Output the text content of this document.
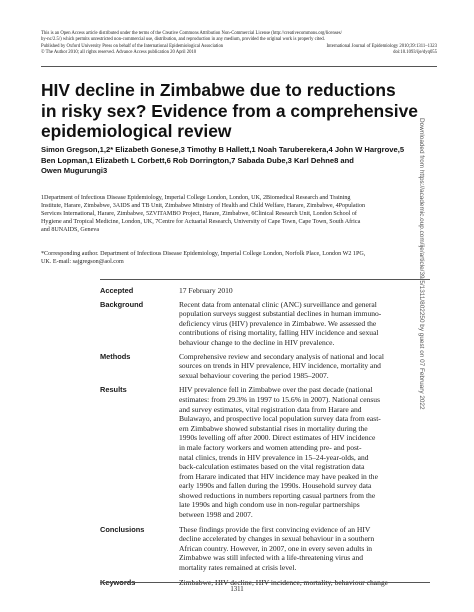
This is an Open Access article distributed under the terms of the Creative Commons Attribution Non-Commercial License (http://creativecommons.org/licenses/
by-nc/2.5/) which permits unrestricted non-commercial use, distribution, and reproduction in any medium, provided the original work is properly cited.
Published by Oxford University Press on behalf of the International Epidemiological Association	International Journal of Epidemiology 2010;39:1311–1323
© The Author 2010; all rights reserved. Advance Access publication 20 April 2010	doi:10.1093/ije/dyq055
HIV decline in Zimbabwe due to reductions
in risky sex? Evidence from a comprehensive
epidemiological review
Simon Gregson,1,2* Elizabeth Gonese,3 Timothy B Hallett,1 Noah Taruberekera,4 John W Hargrove,5
Ben Lopman,1 Elizabeth L Corbett,6 Rob Dorrington,7 Sabada Dube,3 Karl Dehne8 and
Owen Mugurungi3
1Department of Infectious Disease Epidemiology, Imperial College London, London, UK, 2Biomedical Research and Training
Institute, Harare, Zimbabwe, 3AIDS and TB Unit, Zimbabwe Ministry of Health and Child Welfare, Harare, Zimbabwe, 4Population
Services International, Harare, Zimbabwe, 5ZVITAMBO Project, Harare, Zimbabwe, 6Clinical Research Unit, London School of
Hygiene and Tropical Medicine, London, UK, 7Centre for Actuarial Research, University of Cape Town, Cape Town, South Africa
and 8UNAIDS, Geneva
*Corresponding author. Department of Infectious Disease Epidemiology, Imperial College London, Norfolk Place, London W2 1PG,
UK. E-mail: sajgregson@aol.com
Accepted	17 February 2010
Background	Recent data from antenatal clinic (ANC) surveillance and general
population surveys suggest substantial declines in human immuno-
deficiency virus (HIV) prevalence in Zimbabwe. We assessed the
contributions of rising mortality, falling HIV incidence and sexual
behaviour change to the decline in HIV prevalence.
Methods	Comprehensive review and secondary analysis of national and local
sources on trends in HIV prevalence, HIV incidence, mortality and
sexual behaviour covering the period 1985–2007.
Results	HIV prevalence fell in Zimbabwe over the past decade (national
estimates: from 29.3% in 1997 to 15.6% in 2007). National census
and survey estimates, vital registration data from Harare and
Bulawayo, and prospective local population survey data from east-
ern Zimbabwe showed substantial rises in mortality during the
1990s levelling off after 2000. Direct estimates of HIV incidence
in male factory workers and women attending pre- and post-
natal clinics, trends in HIV prevalence in 15–24-year-olds, and
back-calculation estimates based on the vital registration data
from Harare indicated that HIV incidence may have peaked in the
early 1990s and fallen during the 1990s. Household survey data
showed reductions in numbers reporting casual partners from the
late 1990s and high condom use in non-regular partnerships
between 1998 and 2007.
Conclusions	These findings provide the first convincing evidence of an HIV
decline accelerated by changes in sexual behaviour in a southern
African country. However, in 2007, one in every seven adults in
Zimbabwe was still infected with a life-threatening virus and
mortality rates remained at crisis level.
Keywords	Zimbabwe, HIV decline, HIV incidence, mortality, behaviour change
1311
Downloaded from https://academic.oup.com/ije/article/39/5/1311/802250 by guest on 07 February 2022
